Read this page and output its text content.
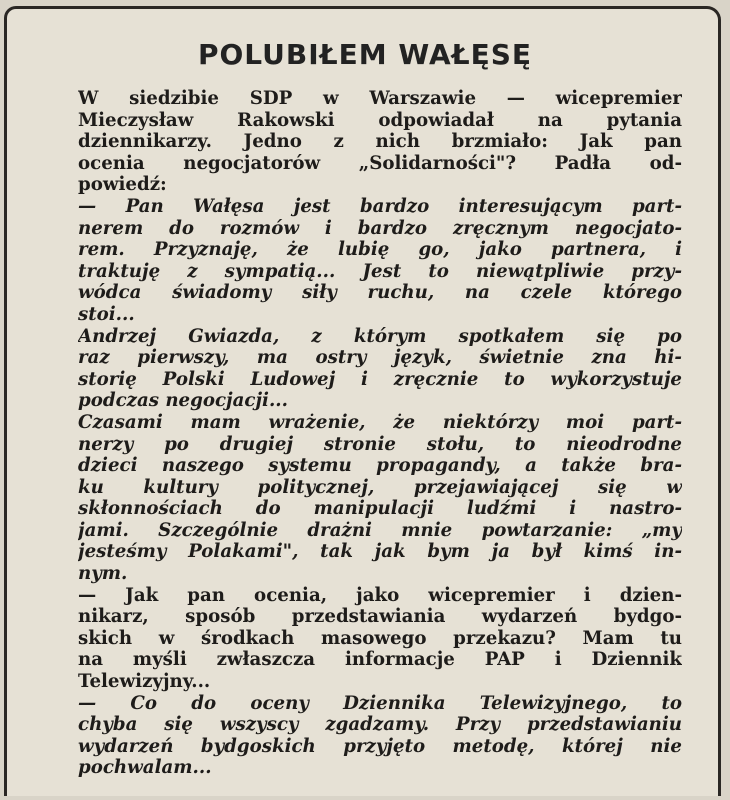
POLUBIŁEM WAŁĘSĘ

W siedzibie SDP w Warszawie — wicepremier
Mieczysław Rakowski odpowiadał na pytania
dziennikarzy. Jedno z nich brzmiało: Jak pan
ocenia negocjatorów „Solidarności"? Padła od-
powiedź:

— Pan Wałęsa jest bardzo interesującym part-
nerem do rozmów i bardzo zręcznym negocjato-
rem. Przyznaję, że lubię go, jako partnera, i
traktuję z sympatią... Jest to niewątpliwie przy-
wódca świadomy siły ruchu, na czele którego
stoi...

Andrzej Gwiazda, z którym spotkałem się po
raz pierwszy, ma ostry język, świetnie zna hi-
storię Polski Ludowej i zręcznie to wykorzystuje
podczas negocjacji...

Czasami mam wrażenie, że niektórzy moi part-
nerzy po drugiej stronie stołu, to nieodrodne
dzieci naszego systemu propagandy, a także bra-
ku kultury politycznej, przejawiającej się w
skłonnościach do manipulacji ludźmi i nastro-
jami. Szczególnie drażni mnie powtarzanie: „my
jesteśmy Polakami", tak jak bym ja był kimś in-
nym.

— Jak pan ocenia, jako wicepremier i dzien-
nikarz, sposób przedstawiania wydarzeń bydgo-
skich w środkach masowego przekazu? Mam tu
na myśli zwłaszcza informacje PAP i Dziennik
Telewizyjny...

— Co do oceny Dziennika Telewizyjnego, to
chyba się wszyscy zgadzamy. Przy przedstawianiu
wydarzeń bydgoskich przyjęto metodę, której nie
pochwalam...
